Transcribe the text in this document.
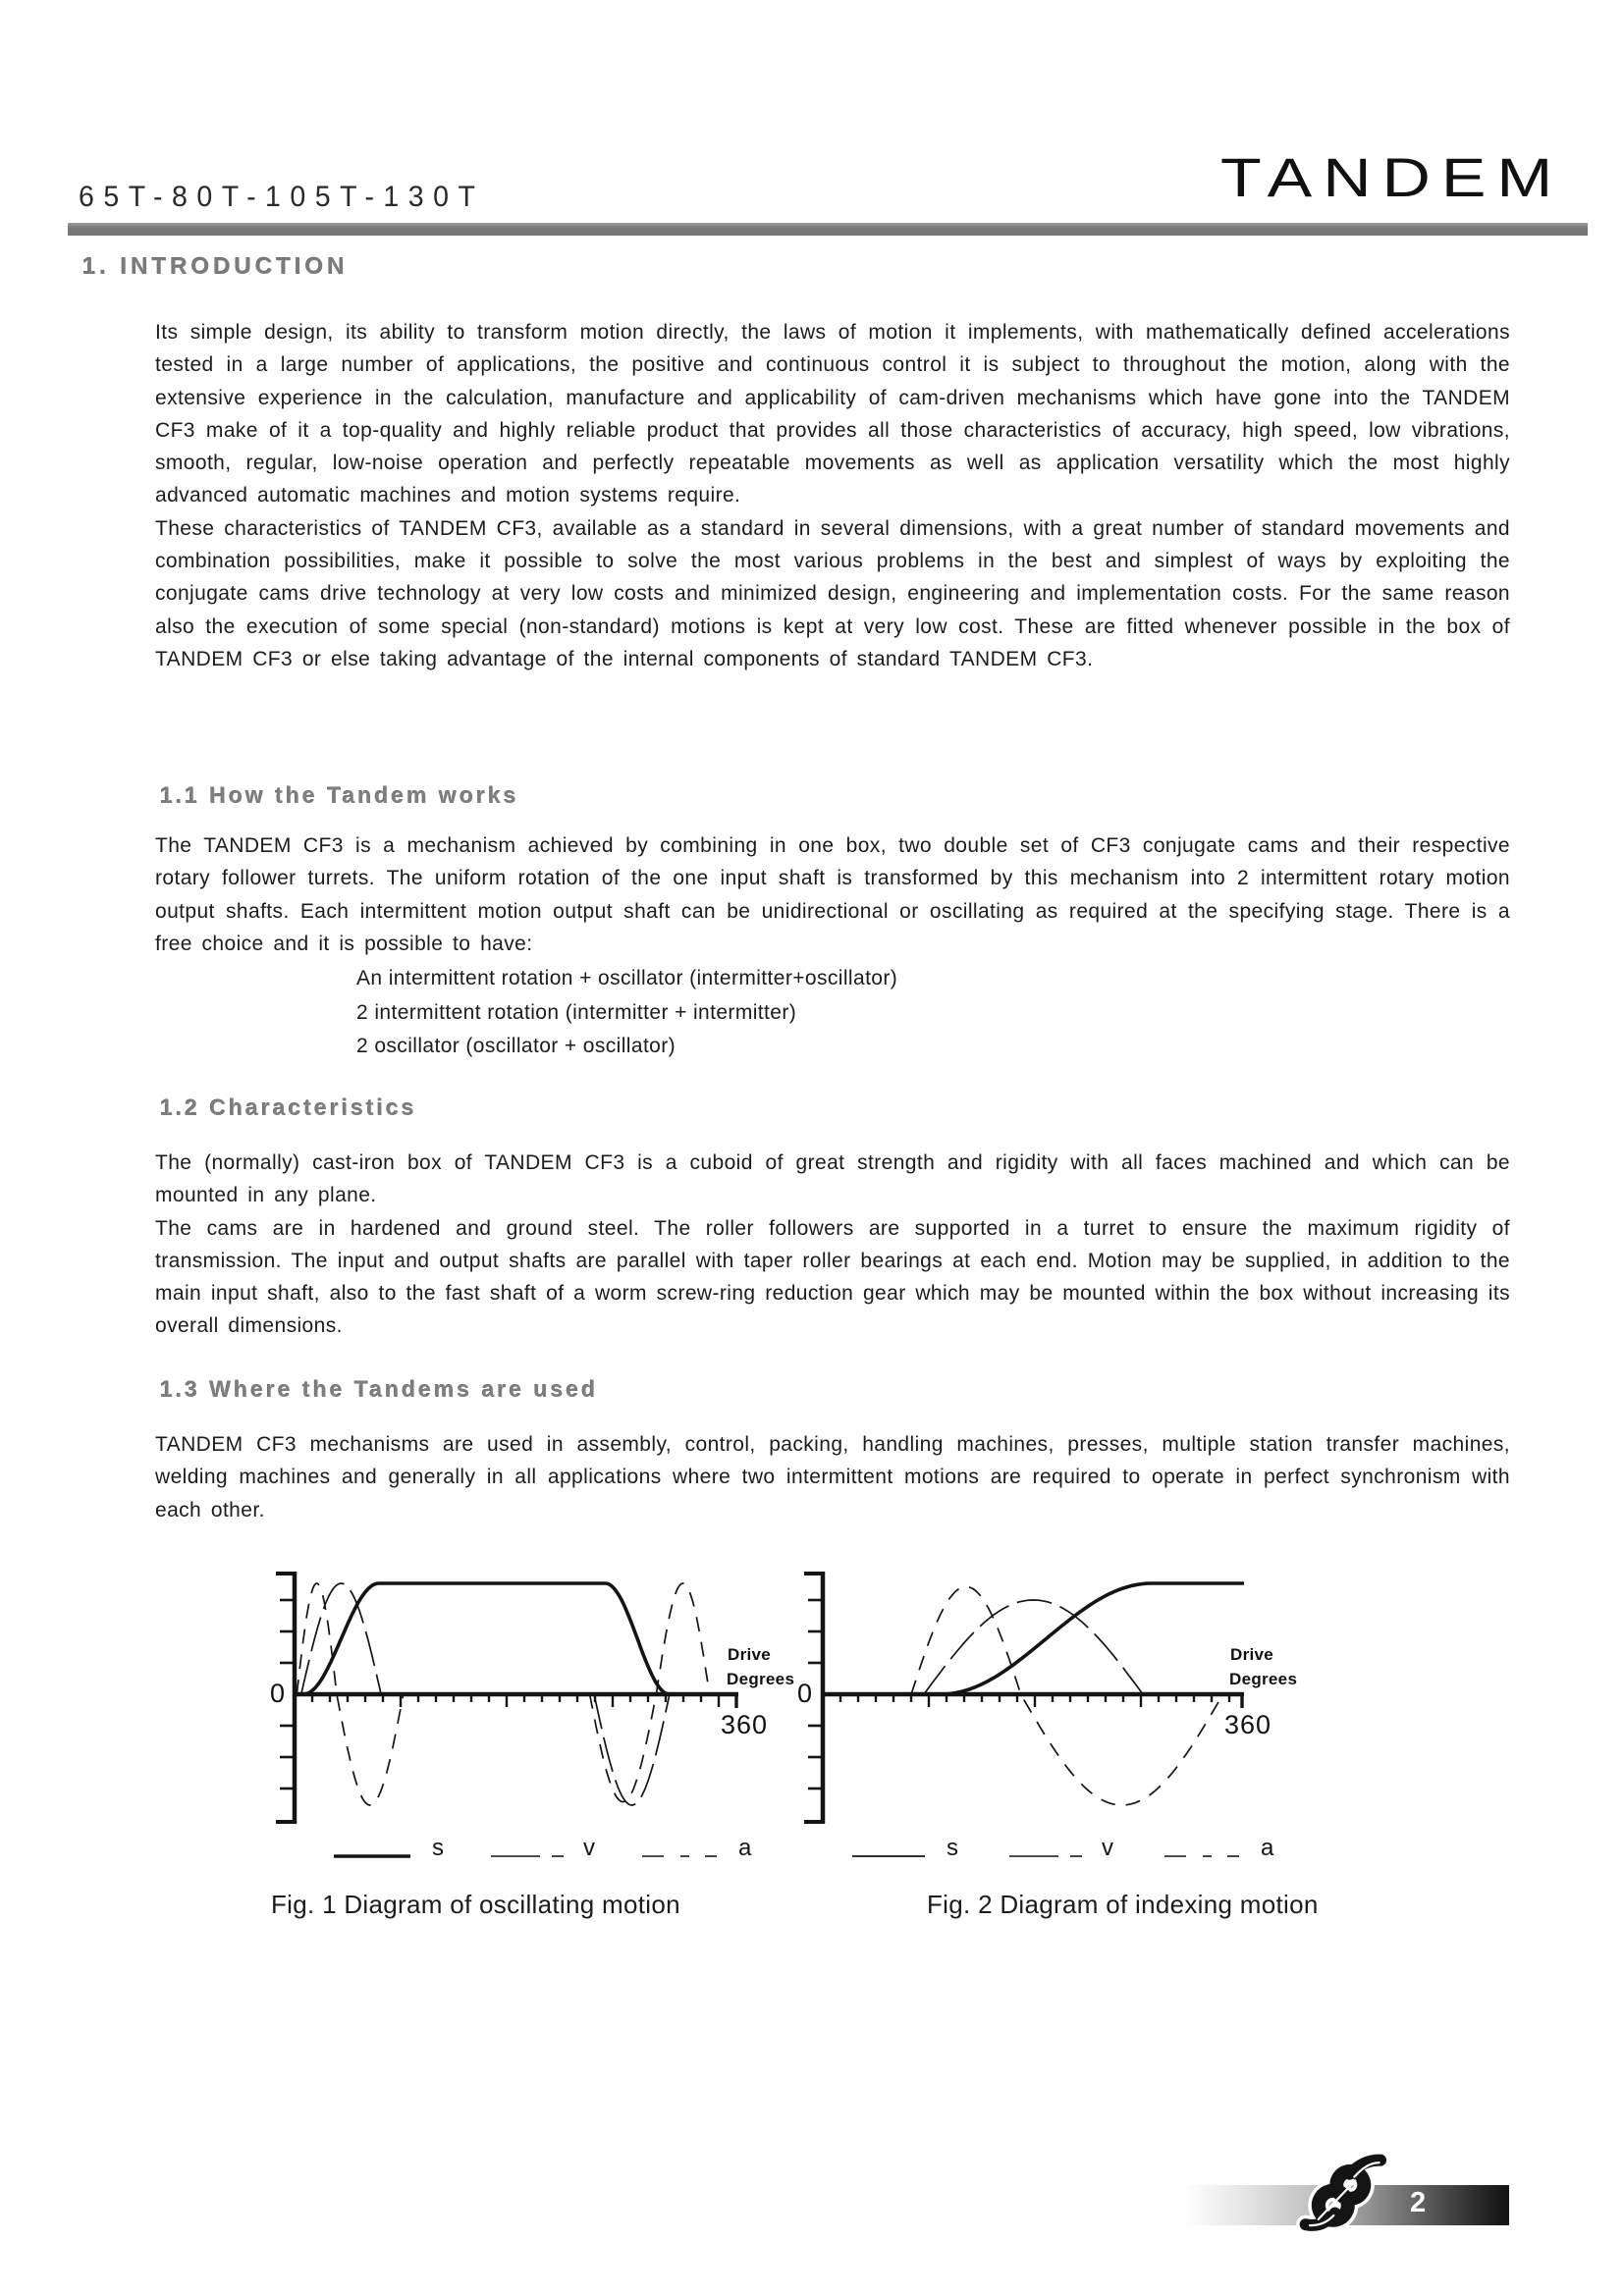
65T-80T-105T-130T	TANDEM
1. INTRODUCTION

Its simple design, its ability to transform motion directly, the laws of motion it implements, with mathematically defined accelerations tested in a large number of applications, the positive and continuous control it is subject to throughout the motion, along with the extensive experience in the calculation, manufacture and applicability of cam-driven mechanisms which have gone into the TANDEM CF3 make of it a top-quality and highly reliable product that provides all those characteristics of accuracy, high speed, low vibrations, smooth, regular, low-noise operation and perfectly repeatable movements as well as application versatility which the most highly advanced automatic machines and motion systems require.

These characteristics of TANDEM CF3, available as a standard in several dimensions, with a great number of standard movements and combination possibilities, make it possible to solve the most various problems in the best and simplest of ways by exploiting the conjugate cams drive technology at very low costs and minimized design, engineering and implementation costs. For the same reason also the execution of some special (non-standard) motions is kept at very low cost. These are fitted whenever possible in the box of TANDEM CF3 or else taking advantage of the internal components of standard TANDEM CF3.

1.1 How the Tandem works

The TANDEM CF3 is a mechanism achieved by combining in one box, two double set of CF3 conjugate cams and their respective rotary follower turrets. The uniform rotation of the one input shaft is transformed by this mechanism into 2 intermittent rotary motion output shafts. Each intermittent motion output shaft can be unidirectional or oscillating as required at the specifying stage. There is a free choice and it is possible to have:

An intermittent rotation + oscillator (intermitter+oscillator)
2 intermittent rotation (intermitter + intermitter)
2 oscillator (oscillator + oscillator)
1.2 Characteristics

The (normally) cast-iron box of TANDEM CF3 is a cuboid of great strength and rigidity with all faces machined and which can be mounted in any plane.

The cams are in hardened and ground steel. The roller followers are supported in a turret to ensure the maximum rigidity of transmission. The input and output shafts are parallel with taper roller bearings at each end. Motion may be supplied, in addition to the main input shaft, also to the fast shaft of a worm screw-ring reduction gear which may be mounted within the box without increasing its overall dimensions.

1.3 Where the Tandems are used

TANDEM CF3 mechanisms are used in assembly, control, packing, handling machines, presses, multiple station transfer machines, welding machines and generally in all applications where two intermittent motions are required to operate in perfect synchronism with each other.

0
Drive
Degrees
360
s	v	a
Fig. 1 Diagram of oscillating motion
0
Drive
Degrees
360
s	v	a
Fig. 2 Diagram of indexing motion
2
